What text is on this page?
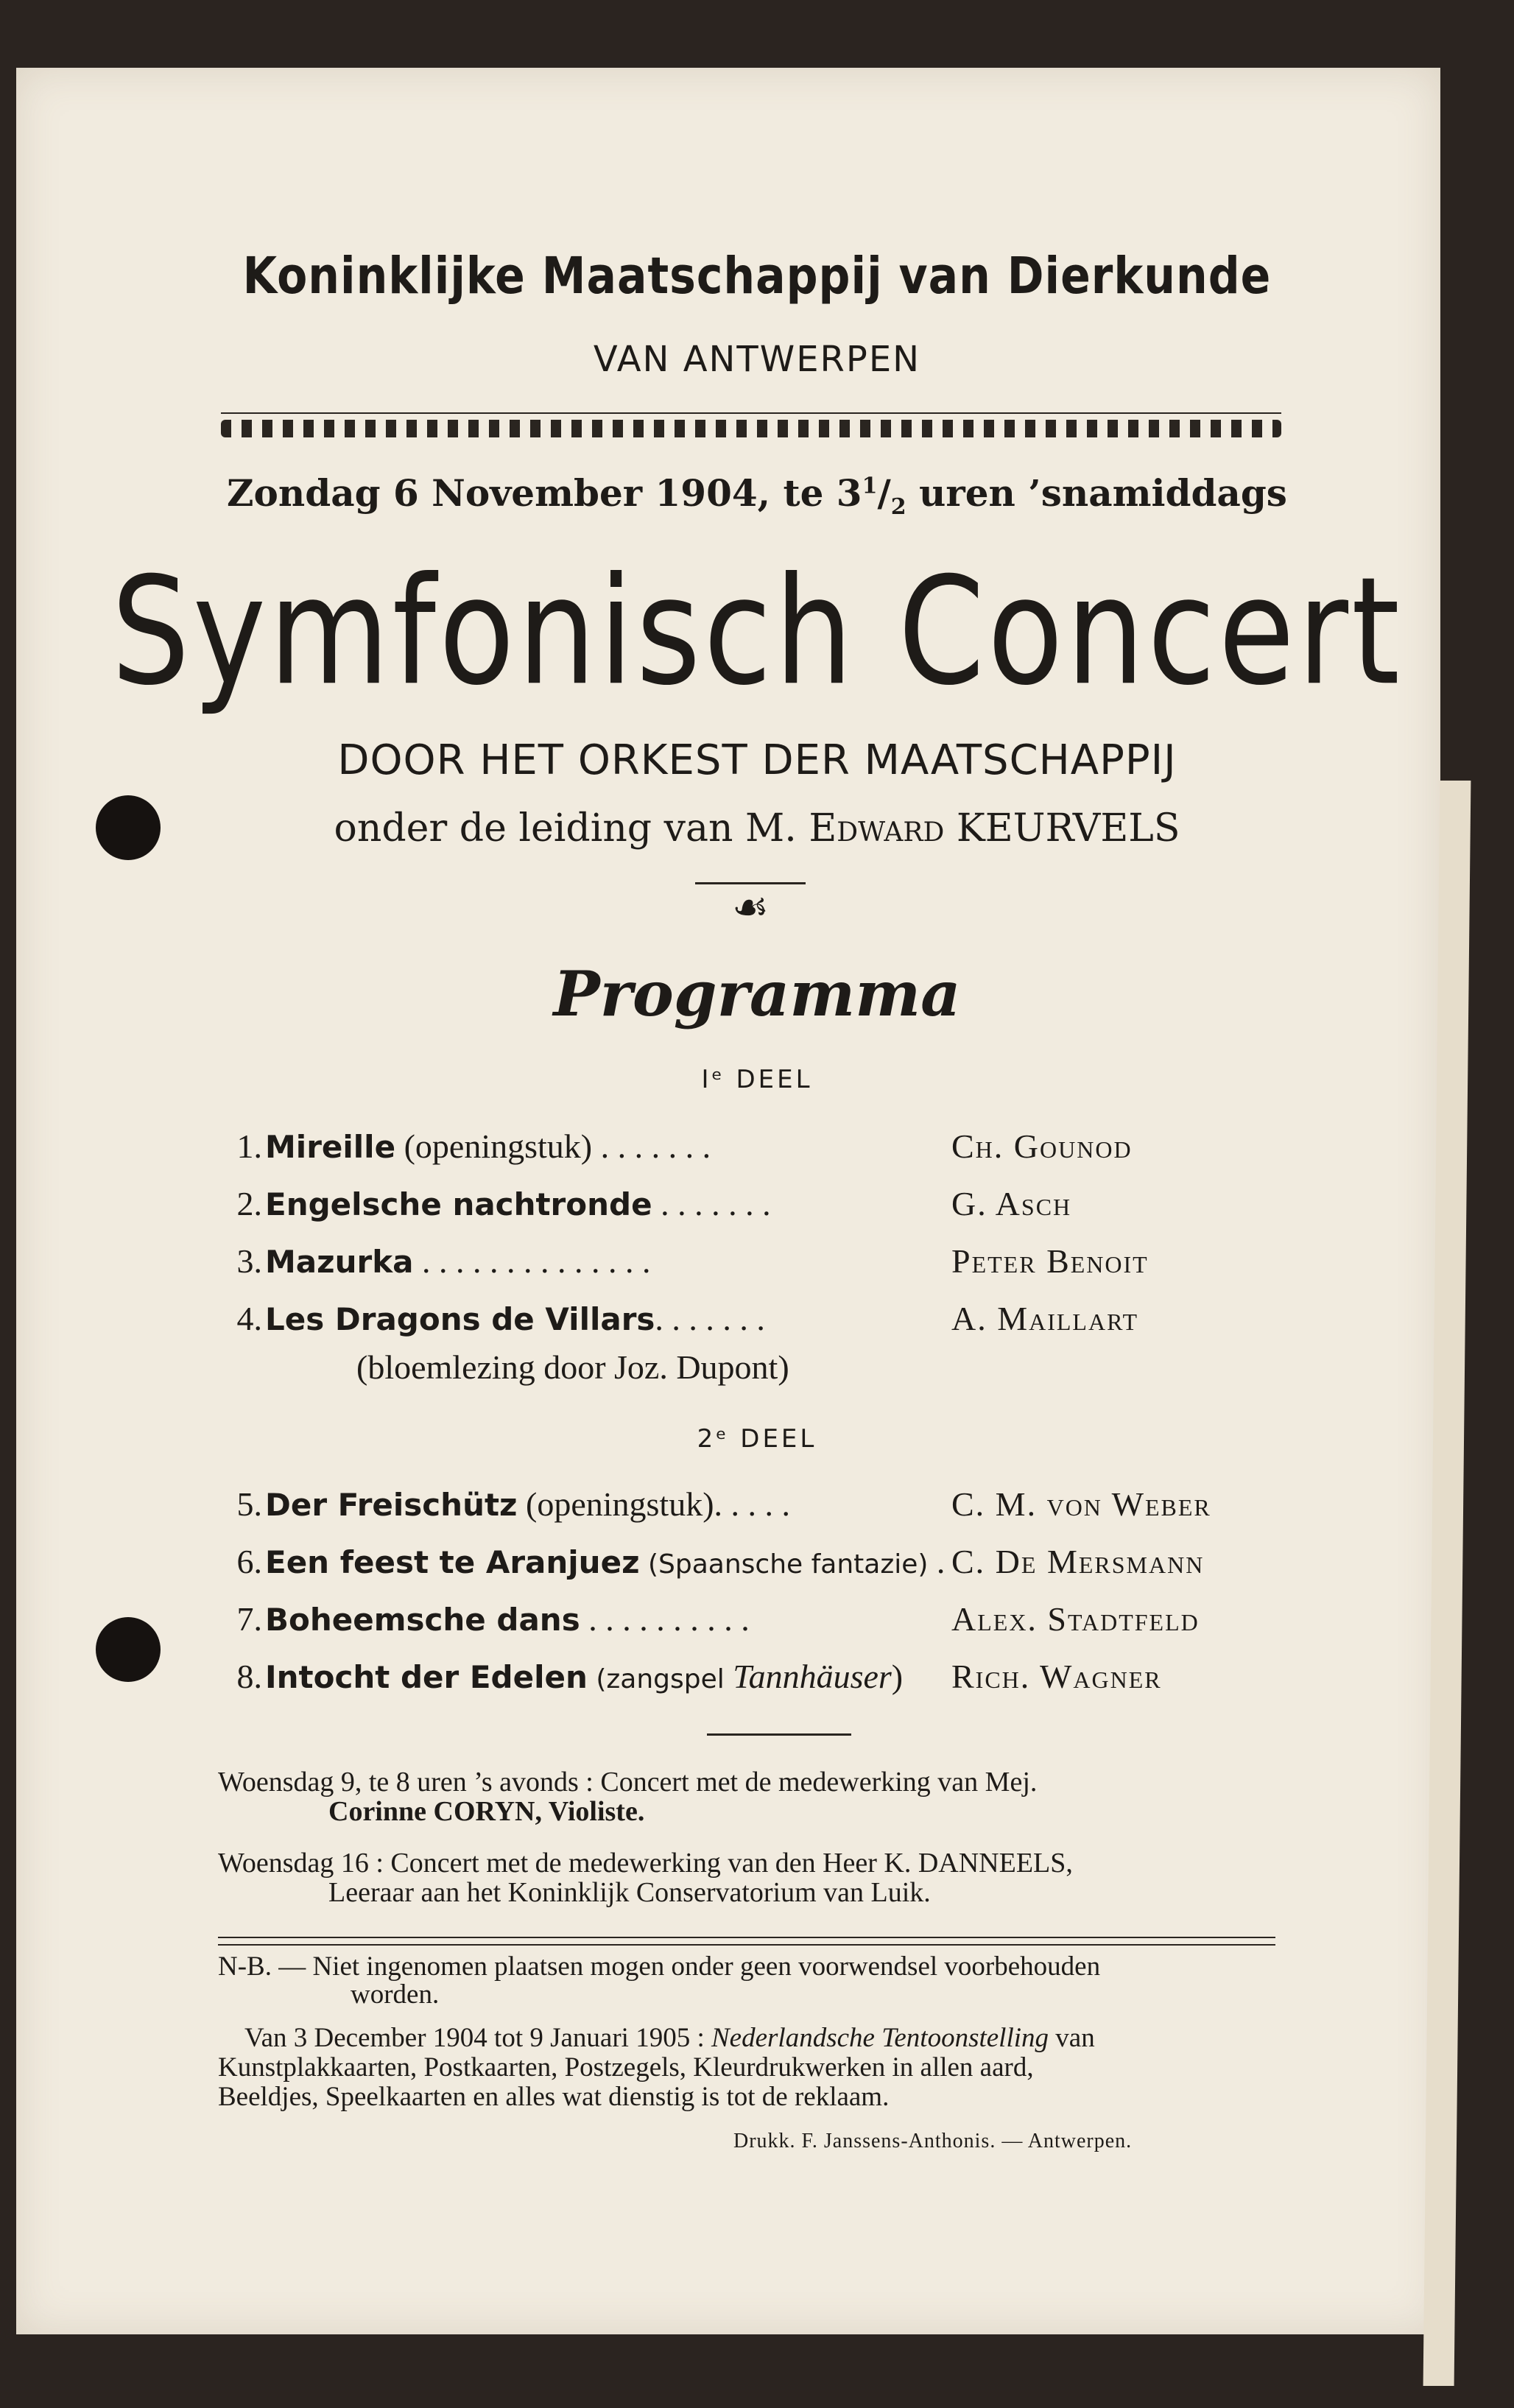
Koninklijke Maatschappij van Dierkunde
VAN ANTWERPEN
Zondag 6 November 1904, te $3^1/_2$ uren ’snamiddags
Symfonisch Concert
DOOR HET ORKEST DER MAATSCHAPPIJ
onder de leiding van M. Edward KEURVELS
☙
Programma
Iᵉ DEEL
1. Mireille (openingstuk) . . . . . . .	Ch. Gounod
2. Engelsche nachtronde . . . . . . .	G. Asch
3. Mazurka . . . . . . . . . . . . . .	Peter Benoit
4. Les Dragons de Villars. . . . . . .	A. Maillart
(bloemlezing door Joz. Dupont)
2ᵉ DEEL
5. Der Freischütz (openingstuk). . . . .	C. M. von Weber
6. Een feest te Aranjuez (Spaansche fantazie) . C. De Mersmann
7. Boheemsche dans . . . . . . . . . .	Alex. Stadtfeld
8. Intocht der Edelen (zangspel Tannhäuser) Rich. Wagner
Woensdag 9, te 8 uren ’s avonds : Concert met de medewerking van Mej.
Corinne CORYN, Violiste.
Woensdag 16 : Concert met de medewerking van den Heer K. DANNEELS,
Leeraar aan het Koninklijk Conservatorium van Luik.
N-B. — Niet ingenomen plaatsen mogen onder geen voorwendsel voorbehouden
worden.
Van 3 December 1904 tot 9 Januari 1905 : Nederlandsche Tentoonstelling van
Kunstplakkaarten, Postkaarten, Postzegels, Kleurdrukwerken in allen aard,
Beeldjes, Speelkaarten en alles wat dienstig is tot de reklaam.
Drukk. F. Janssens-Anthonis. — Antwerpen.
